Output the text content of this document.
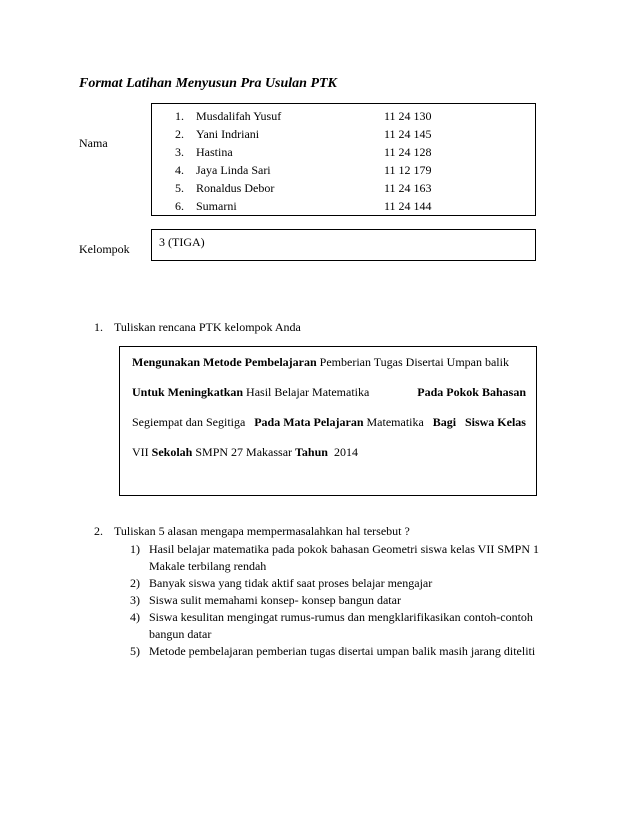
Format Latihan Menyusun Pra Usulan PTK
Nama
1. Musdalifah Yusuf	11 24 130
2. Yani Indriani	11 24 145
3. Hastina	11 24 128
4. Jaya Linda Sari	11 12 179
5. Ronaldus Debor	11 24 163
6. Sumarni	11 24 144
Kelompok	3 (TIGA)
1. Tuliskan rencana PTK kelompok Anda
Mengunakan Metode Pembelajaran Pemberian Tugas Disertai Umpan balik
Untuk Meningkatkan Hasil Belajar Matematika	Pada Pokok Bahasan
Segiempat dan Segitiga Pada Mata Pelajaran Matematika Bagi Siswa Kelas
VII Sekolah SMPN 27 Makassar Tahun  2014
2. Tuliskan 5 alasan mengapa mempermasalahkan hal tersebut ?
1) Hasil belajar matematika pada pokok bahasan Geometri siswa kelas VII SMPN 1
Makale terbilang rendah
2) Banyak siswa yang tidak aktif saat proses belajar mengajar
3) Siswa sulit memahami konsep- konsep bangun datar
4) Siswa kesulitan mengingat rumus-rumus dan mengklarifikasikan contoh-contoh
bangun datar
5) Metode pembelajaran pemberian tugas disertai umpan balik masih jarang diteliti
